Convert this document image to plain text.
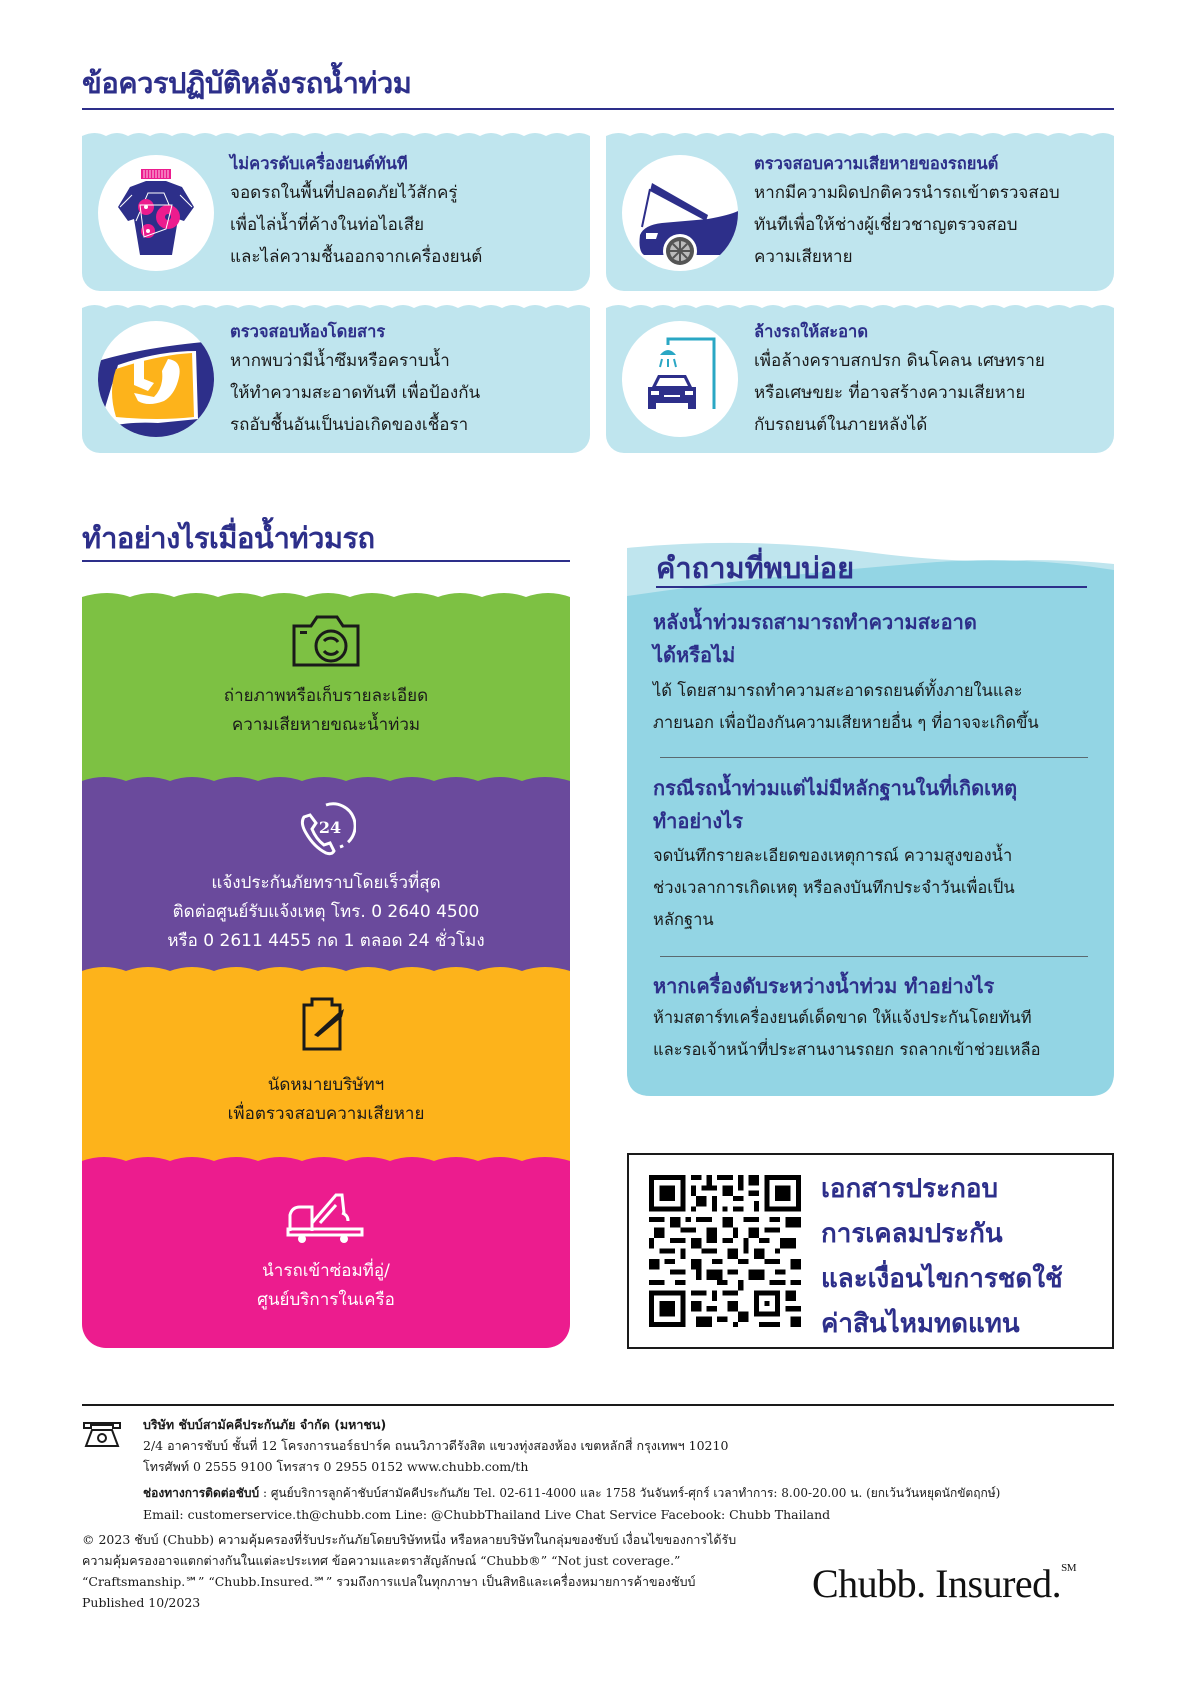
ข้อควรปฏิบัติหลังรถน้ำท่วม
ไม่ควรดับเครื่องยนต์ทันที
จอดรถในพื้นที่ปลอดภัยไว้สักครู่
เพื่อไล่น้ำที่ค้างในท่อไอเสีย
และไล่ความชื้นออกจากเครื่องยนต์
ตรวจสอบความเสียหายของรถยนต์
หากมีความผิดปกติควรนำรถเข้าตรวจสอบ
ทันทีเพื่อให้ช่างผู้เชี่ยวชาญตรวจสอบ
ความเสียหาย
ตรวจสอบห้องโดยสาร
หากพบว่ามีน้ำซึมหรือคราบน้ำ
ให้ทำความสะอาดทันที เพื่อป้องกัน
รถอับชื้นอันเป็นบ่อเกิดของเชื้อรา
ล้างรถให้สะอาด
เพื่อล้างคราบสกปรก ดินโคลน เศษทราย
หรือเศษขยะ ที่อาจสร้างความเสียหาย
กับรถยนต์ในภายหลังได้
ทำอย่างไรเมื่อน้ำท่วมรถ
ถ่ายภาพหรือเก็บรายละเอียด
ความเสียหายขณะน้ำท่วม
24
แจ้งประกันภัยทราบโดยเร็วที่สุด
ติดต่อศูนย์รับแจ้งเหตุ โทร. 0 2640 4500
หรือ 0 2611 4455 กด 1 ตลอด 24 ชั่วโมง
นัดหมายบริษัทฯ
เพื่อตรวจสอบความเสียหาย
นำรถเข้าซ่อมที่อู่/
ศูนย์บริการในเครือ
คำถามที่พบบ่อย
หลังน้ำท่วมรถสามารถทำความสะอาด
ได้หรือไม่
ได้ โดยสามารถทำความสะอาดรถยนต์ทั้งภายในและ
ภายนอก เพื่อป้องกันความเสียหายอื่น ๆ ที่อาจจะเกิดขึ้น
กรณีรถน้ำท่วมแต่ไม่มีหลักฐานในที่เกิดเหตุ
ทำอย่างไร
จดบันทึกรายละเอียดของเหตุการณ์ ความสูงของน้ำ
ช่วงเวลาการเกิดเหตุ หรือลงบันทึกประจำวันเพื่อเป็น
หลักฐาน
หากเครื่องดับระหว่างน้ำท่วม ทำอย่างไร
ห้ามสตาร์ทเครื่องยนต์เด็ดขาด ให้แจ้งประกันโดยทันที
และรอเจ้าหน้าที่ประสานงานรถยก รถลากเข้าช่วยเหลือ
เอกสารประกอบ
การเคลมประกัน
และเงื่อนไขการชดใช้
ค่าสินไหมทดแทน
บริษัท ชับบ์สามัคคีประกันภัย จำกัด (มหาชน)
2/4 อาคารชับบ์ ชั้นที่ 12 โครงการนอร์ธปาร์ค ถนนวิภาวดีรังสิต แขวงทุ่งสองห้อง เขตหลักสี่ กรุงเทพฯ 10210
โทรศัพท์ 0 2555 9100 โทรสาร 0 2955 0152 www.chubb.com/th
ช่องทางการติดต่อชับบ์ : ศูนย์บริการลูกค้าชับบ์สามัคคีประกันภัย Tel. 02-611-4000 และ 1758 วันจันทร์-ศุกร์ เวลาทำการ: 8.00-20.00 น. (ยกเว้นวันหยุดนักขัตฤกษ์)
Email: customerservice.th@chubb.com Line: @ChubbThailand Live Chat Service Facebook: Chubb Thailand
© 2023 ชับบ์ (Chubb) ความคุ้มครองที่รับประกันภัยโดยบริษัทหนึ่ง หรือหลายบริษัทในกลุ่มของชับบ์ เงื่อนไขของการได้รับ
ความคุ้มครองอาจแตกต่างกันในแต่ละประเทศ ข้อความและตราสัญลักษณ์ “Chubb®” “Not just coverage.”
“Craftsmanship.℠” “Chubb.Insured.℠” รวมถึงการแปลในทุกภาษา เป็นสิทธิและเครื่องหมายการค้าของชับบ์
Published 10/2023	Chubb. Insured.℠
